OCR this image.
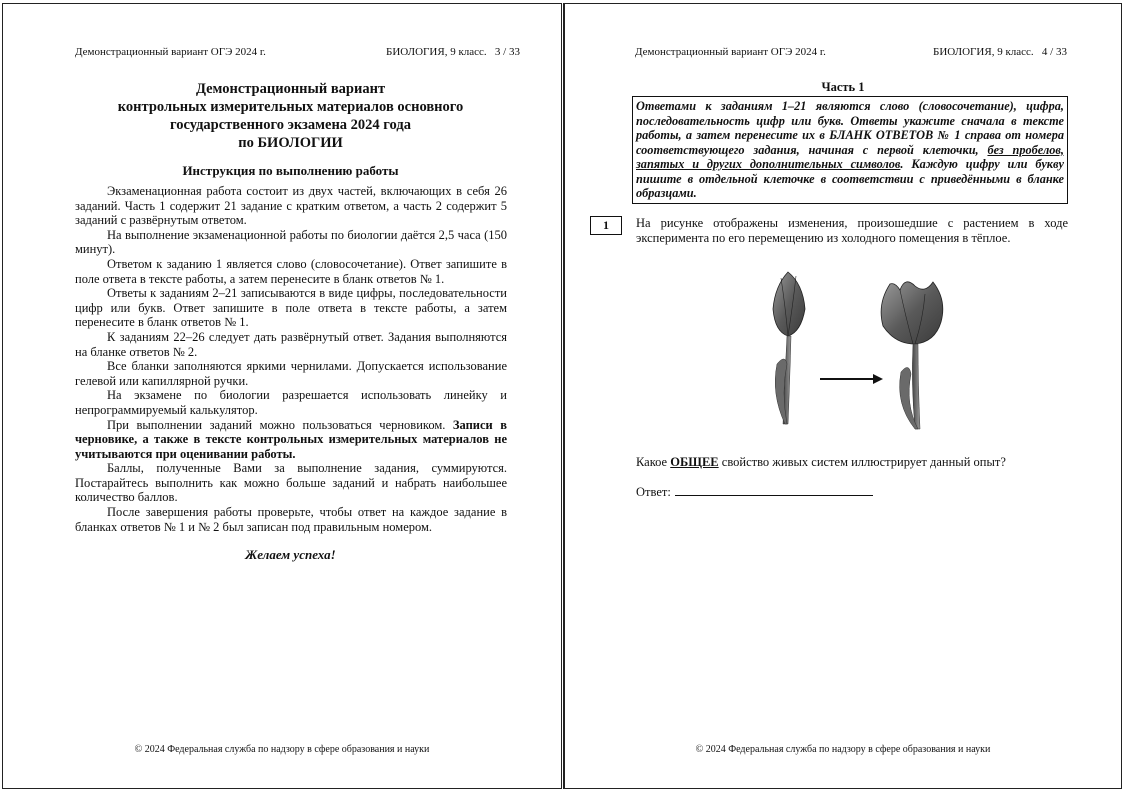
Демонстрационный вариант ОГЭ 2024 г.	БИОЛОГИЯ, 9 класс.   3 / 33
Демонстрационный вариант
контрольных измерительных материалов основного
государственного экзамена 2024 года
по БИОЛОГИИ
Инструкция по выполнению работы

Экзаменационная работа состоит из двух частей, включающих в себя 26 заданий. Часть 1 содержит 21 задание с кратким ответом, а часть 2 содержит 5 заданий с развёрнутым ответом.

На выполнение экзаменационной работы по биологии даётся 2,5 часа (150 минут).

Ответом к заданию 1 является слово (словосочетание). Ответ запишите в поле ответа в тексте работы, а затем перенесите в бланк ответов № 1.

Ответы к заданиям 2–21 записываются в виде цифры, последовательности цифр или букв. Ответ запишите в поле ответа в тексте работы, а затем перенесите в бланк ответов № 1.

К заданиям 22–26 следует дать развёрнутый ответ. Задания выполняются на бланке ответов № 2.

Все бланки заполняются яркими чернилами. Допускается использование гелевой или капиллярной ручки.

На экзамене по биологии разрешается использовать линейку и непрограммируемый калькулятор.

При выполнении заданий можно пользоваться черновиком. Записи в черновике, а также в тексте контрольных измерительных материалов не учитываются при оценивании работы.

Баллы, полученные Вами за выполнение задания, суммируются. Постарайтесь выполнить как можно больше заданий и набрать наибольшее количество баллов.

После завершения работы проверьте, чтобы ответ на каждое задание в бланках ответов № 1 и № 2 был записан под правильным номером.

Желаем успеха!
© 2024 Федеральная служба по надзору в сфере образования и науки
Демонстрационный вариант ОГЭ 2024 г.	БИОЛОГИЯ, 9 класс.   4 / 33
Часть 1
Ответами к заданиям 1–21 являются слово (словосочетание), цифра, последовательность цифр или букв. Ответы укажите сначала в тексте работы, а затем перенесите их в БЛАНК ОТВЕТОВ № 1 справа от номера соответствующего задания, начиная с первой клеточки, без пробелов, запятых и других дополнительных символов. Каждую цифру или букву пишите в отдельной клеточке в соответствии с приведёнными в бланке образцами.
1	На рисунке отображены изменения, произошедшие с растением в ходе эксперимента по его перемещению из холодного помещения в тёплое.
Какое ОБЩЕЕ свойство живых систем иллюстрирует данный опыт?
Ответ:
© 2024 Федеральная служба по надзору в сфере образования и науки
